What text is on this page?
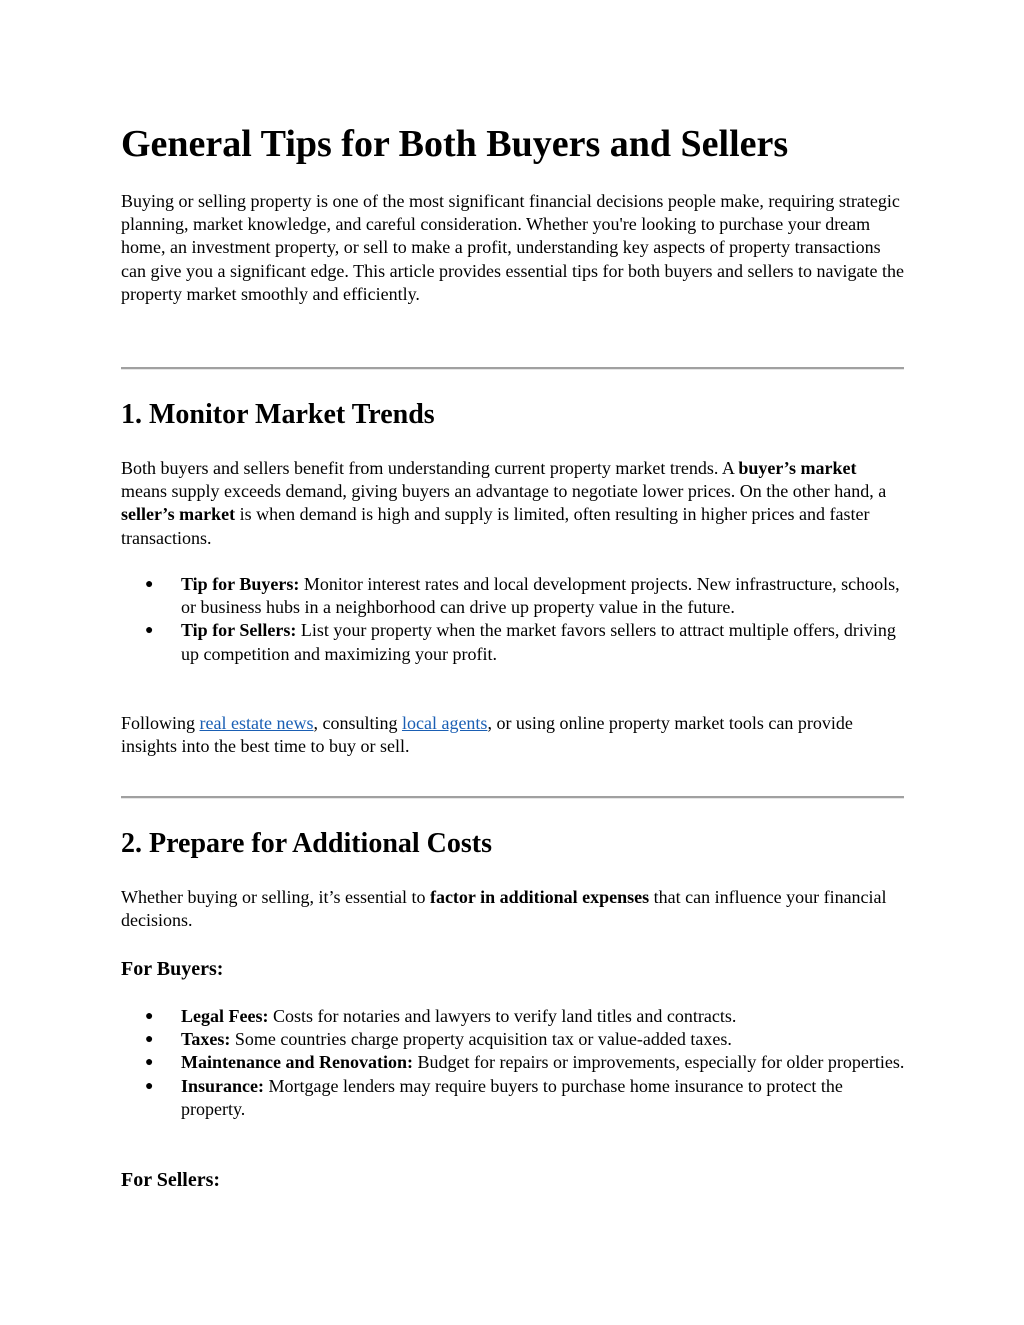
General Tips for Both Buyers and Sellers

Buying or selling property is one of the most significant financial decisions people make, requiring strategic planning, market knowledge, and careful consideration. Whether you're looking to purchase your dream home, an investment property, or sell to make a profit, understanding key aspects of property transactions can give you a significant edge. This article provides essential tips for both buyers and sellers to navigate the property market smoothly and efficiently.

1. Monitor Market Trends

Both buyers and sellers benefit from understanding current property market trends. A buyer’s market means supply exceeds demand, giving buyers an advantage to negotiate lower prices. On the other hand, a seller’s market is when demand is high and supply is limited, often resulting in higher prices and faster transactions.

● Tip for Buyers: Monitor interest rates and local development projects. New infrastructure, schools, or business hubs in a neighborhood can drive up property value in the future.
● Tip for Sellers: List your property when the market favors sellers to attract multiple offers, driving up competition and maximizing your profit.

Following real estate news, consulting local agents, or using online property market tools can provide insights into the best time to buy or sell.

2. Prepare for Additional Costs

Whether buying or selling, it’s essential to factor in additional expenses that can influence your financial decisions.

For Buyers:
● Legal Fees: Costs for notaries and lawyers to verify land titles and contracts.
● Taxes: Some countries charge property acquisition tax or value-added taxes.
● Maintenance and Renovation: Budget for repairs or improvements, especially for older properties.
● Insurance: Mortgage lenders may require buyers to purchase home insurance to protect the property.
For Sellers:
